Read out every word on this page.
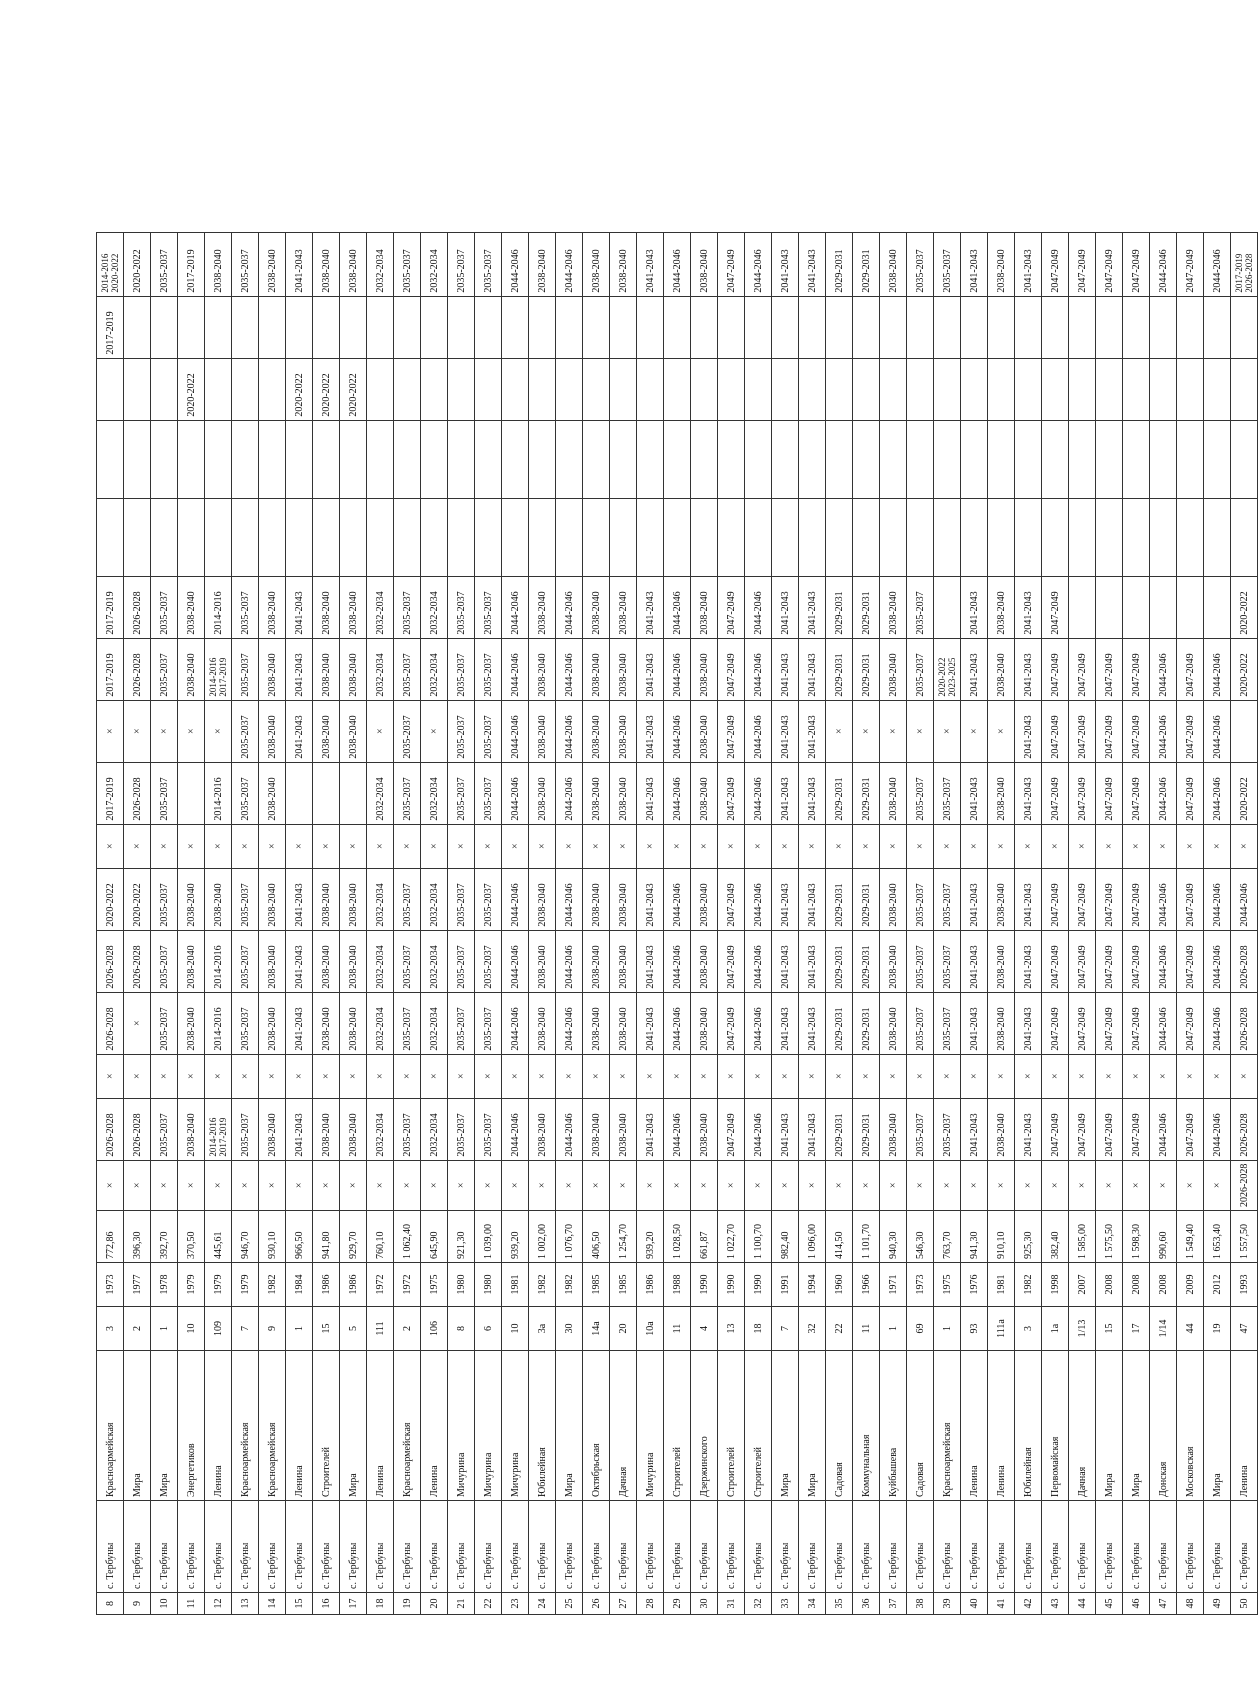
8	с. Тербуны	Красноармейская	3	1973	772,86	×	2026-2028	×	2026-2028	2026-2028	2020-2022	×	2017-2019	×	2017-2019	2017-2019				2017-2019	2014-2016 2020-2022
9	с. Тербуны	Мира	2	1977	396,30	×	2026-2028	×	×	2026-2028	2020-2022	×	2026-2028	×	2026-2028	2026-2028					2020-2022
10	с. Тербуны	Мира	1	1978	392,70	×	2035-2037	×	2035-2037	2035-2037	2035-2037	×	2035-2037	×	2035-2037	2035-2037					2035-2037
11	с. Тербуны	Энергетиков	10	1979	370,50	×	2038-2040	×	2038-2040	2038-2040	2038-2040	×		×	2038-2040	2038-2040			2020-2022		2017-2019
12	с. Тербуны	Ленина	109	1979	445,61	×	2014-2016 2017-2019	×	2014-2016	2014-2016	2038-2040	×	2014-2016	×	2014-2016 2017-2019	2014-2016					2038-2040
13	с. Тербуны	Красноармейская	7	1979	946,70	×	2035-2037	×	2035-2037	2035-2037	2035-2037	×	2035-2037	2035-2037	2035-2037	2035-2037					2035-2037
14	с. Тербуны	Красноармейская	9	1982	930,10	×	2038-2040	×	2038-2040	2038-2040	2038-2040	×	2038-2040	2038-2040	2038-2040	2038-2040					2038-2040
15	с. Тербуны	Ленина	1	1984	966,50	×	2041-2043	×	2041-2043	2041-2043	2041-2043	×		2041-2043	2041-2043	2041-2043			2020-2022		2041-2043
16	с. Тербуны	Строителей	15	1986	941,80	×	2038-2040	×	2038-2040	2038-2040	2038-2040	×		2038-2040	2038-2040	2038-2040			2020-2022		2038-2040
17	с. Тербуны	Мира	5	1986	929,70	×	2038-2040	×	2038-2040	2038-2040	2038-2040	×		2038-2040	2038-2040	2038-2040			2020-2022		2038-2040
18	с. Тербуны	Ленина	111	1972	760,10	×	2032-2034	×	2032-2034	2032-2034	2032-2034	×	2032-2034	×	2032-2034	2032-2034					2032-2034
19	с. Тербуны	Красноармейская	2	1972	1 062,40	×	2035-2037	×	2035-2037	2035-2037	2035-2037	×	2035-2037	2035-2037	2035-2037	2035-2037					2035-2037
20	с. Тербуны	Ленина	106	1975	645,90	×	2032-2034	×	2032-2034	2032-2034	2032-2034	×	2032-2034	×	2032-2034	2032-2034					2032-2034
21	с. Тербуны	Мичурина	8	1980	921,30	×	2035-2037	×	2035-2037	2035-2037	2035-2037	×	2035-2037	2035-2037	2035-2037	2035-2037					2035-2037
22	с. Тербуны	Мичурина	6	1980	1 039,00	×	2035-2037	×	2035-2037	2035-2037	2035-2037	×	2035-2037	2035-2037	2035-2037	2035-2037					2035-2037
23	с. Тербуны	Мичурина	10	1981	939,20	×	2044-2046	×	2044-2046	2044-2046	2044-2046	×	2044-2046	2044-2046	2044-2046	2044-2046					2044-2046
24	с. Тербуны	Юбилейная	3а	1982	1 002,00	×	2038-2040	×	2038-2040	2038-2040	2038-2040	×	2038-2040	2038-2040	2038-2040	2038-2040					2038-2040
25	с. Тербуны	Мира	30	1982	1 076,70	×	2044-2046	×	2044-2046	2044-2046	2044-2046	×	2044-2046	2044-2046	2044-2046	2044-2046					2044-2046
26	с. Тербуны	Октябрьская	14а	1985	406,50	×	2038-2040	×	2038-2040	2038-2040	2038-2040	×	2038-2040	2038-2040	2038-2040	2038-2040					2038-2040
27	с. Тербуны	Дачная	20	1985	1 254,70	×	2038-2040	×	2038-2040	2038-2040	2038-2040	×	2038-2040	2038-2040	2038-2040	2038-2040					2038-2040
28	с. Тербуны	Мичурина	10а	1986	939,20	×	2041-2043	×	2041-2043	2041-2043	2041-2043	×	2041-2043	2041-2043	2041-2043	2041-2043					2041-2043
29	с. Тербуны	Строителей	11	1988	1 028,50	×	2044-2046	×	2044-2046	2044-2046	2044-2046	×	2044-2046	2044-2046	2044-2046	2044-2046					2044-2046
30	с. Тербуны	Дзержинского	4	1990	661,87	×	2038-2040	×	2038-2040	2038-2040	2038-2040	×	2038-2040	2038-2040	2038-2040	2038-2040					2038-2040
31	с. Тербуны	Строителей	13	1990	1 022,70	×	2047-2049	×	2047-2049	2047-2049	2047-2049	×	2047-2049	2047-2049	2047-2049	2047-2049					2047-2049
32	с. Тербуны	Строителей	18	1990	1 100,70	×	2044-2046	×	2044-2046	2044-2046	2044-2046	×	2044-2046	2044-2046	2044-2046	2044-2046					2044-2046
33	с. Тербуны	Мира	7	1991	982,40	×	2041-2043	×	2041-2043	2041-2043	2041-2043	×	2041-2043	2041-2043	2041-2043	2041-2043					2041-2043
34	с. Тербуны	Мира	32	1994	1 096,00	×	2041-2043	×	2041-2043	2041-2043	2041-2043	×	2041-2043	2041-2043	2041-2043	2041-2043					2041-2043
35	с. Тербуны	Садовая	22	1960	414,50	×	2029-2031	×	2029-2031	2029-2031	2029-2031	×	2029-2031	×	2029-2031	2029-2031					2029-2031
36	с. Тербуны	Коммунальная	11	1966	1 101,70	×	2029-2031	×	2029-2031	2029-2031	2029-2031	×	2029-2031	×	2029-2031	2029-2031					2029-2031
37	с. Тербуны	Куйбышева	1	1971	940,30	×	2038-2040	×	2038-2040	2038-2040	2038-2040	×	2038-2040	×	2038-2040	2038-2040					2038-2040
38	с. Тербуны	Садовая	69	1973	546,30	×	2035-2037	×	2035-2037	2035-2037	2035-2037	×	2035-2037	×	2035-2037	2035-2037					2035-2037
39	с. Тербуны	Красноармейская	1	1975	763,70	×	2035-2037	×	2035-2037	2035-2037	2035-2037	×	2035-2037	×	2020-2022 2023-2025						2035-2037
40	с. Тербуны	Ленина	93	1976	941,30	×	2041-2043	×	2041-2043	2041-2043	2041-2043	×	2041-2043	×	2041-2043	2041-2043					2041-2043
41	с. Тербуны	Ленина	111а	1981	910,10	×	2038-2040	×	2038-2040	2038-2040	2038-2040	×	2038-2040	×	2038-2040	2038-2040					2038-2040
42	с. Тербуны	Юбилейная	3	1982	925,30	×	2041-2043	×	2041-2043	2041-2043	2041-2043	×	2041-2043	2041-2043	2041-2043	2041-2043					2041-2043
43	с. Тербуны	Первомайская	1а	1998	382,40	×	2047-2049	×	2047-2049	2047-2049	2047-2049	×	2047-2049	2047-2049	2047-2049	2047-2049					2047-2049
44	с. Тербуны	Дачная	1/13	2007	1 585,00	×	2047-2049	×	2047-2049	2047-2049	2047-2049	×	2047-2049	2047-2049	2047-2049						2047-2049
45	с. Тербуны	Мира	15	2008	1 575,50	×	2047-2049	×	2047-2049	2047-2049	2047-2049	×	2047-2049	2047-2049	2047-2049						2047-2049
46	с. Тербуны	Мира	17	2008	1 598,30	×	2047-2049	×	2047-2049	2047-2049	2047-2049	×	2047-2049	2047-2049	2047-2049						2047-2049
47	с. Тербуны	Донская	1/14	2008	990,60	×	2044-2046	×	2044-2046	2044-2046	2044-2046	×	2044-2046	2044-2046	2044-2046						2044-2046
48	с. Тербуны	Московская	44	2009	1 549,40	×	2047-2049	×	2047-2049	2047-2049	2047-2049	×	2047-2049	2047-2049	2047-2049						2047-2049
49	с. Тербуны	Мира	19	2012	1 653,40	×	2044-2046	×	2044-2046	2044-2046	2044-2046	×	2044-2046	2044-2046	2044-2046						2044-2046
50	с. Тербуны	Ленина	47	1993	1 557,50	2026-2028	2026-2028	×	2026-2028	2026-2028	2044-2046	×	2020-2022		2020-2022	2020-2022					2017-2019 2026-2028
